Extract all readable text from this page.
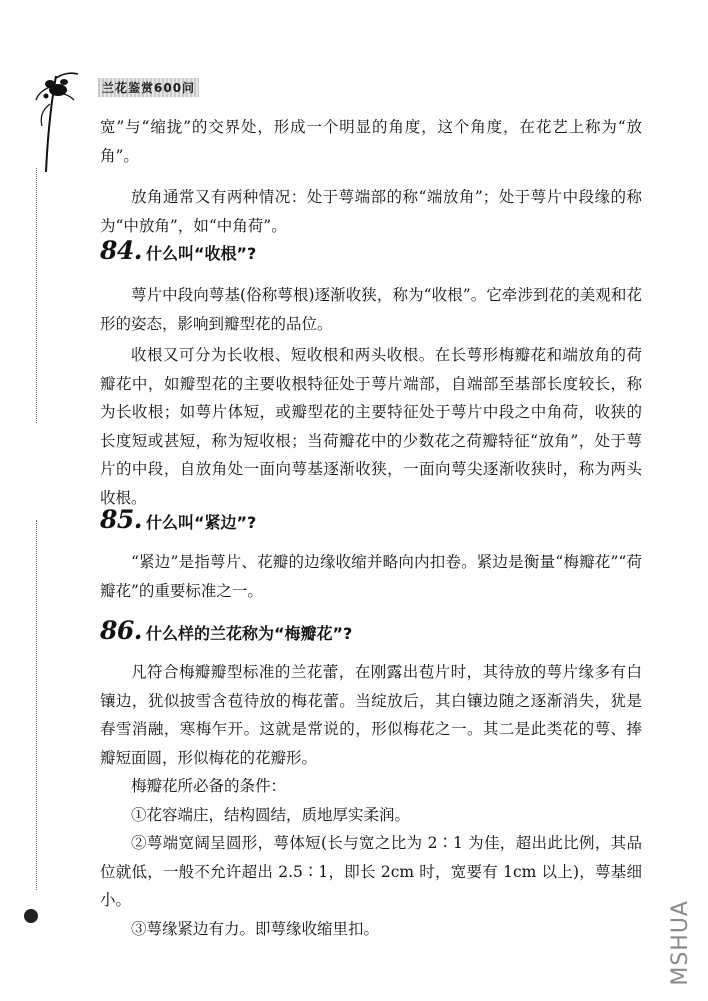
兰花鉴赏600问

宽”与“缩拢”的交界处，形成一个明显的角度，这个角度，在花艺上称为“放角”。

放角通常又有两种情况：处于萼端部的称“端放角”；处于萼片中段缘的称为“中放角”，如“中角荷”。

84. 什么叫“收根”?

萼片中段向萼基(俗称萼根)逐渐收狭，称为“收根”。它牵涉到花的美观和花形的姿态，影响到瓣型花的品位。

收根又可分为长收根、短收根和两头收根。在长萼形梅瓣花和端放角的荷瓣花中，如瓣型花的主要收根特征处于萼片端部，自端部至基部长度较长，称为长收根；如萼片体短，或瓣型花的主要特征处于萼片中段之中角荷，收狭的长度短或甚短，称为短收根；当荷瓣花中的少数花之荷瓣特征“放角”，处于萼片的中段，自放角处一面向萼基逐渐收狭，一面向萼尖逐渐收狭时，称为两头收根。

85. 什么叫“紧边”?

“紧边”是指萼片、花瓣的边缘收缩并略向内扣卷。紧边是衡量“梅瓣花”“荷瓣花”的重要标准之一。

86. 什么样的兰花称为“梅瓣花”?

凡符合梅瓣瓣型标准的兰花蕾，在刚露出苞片时，其待放的萼片缘多有白镶边，犹似披雪含苞待放的梅花蕾。当绽放后，其白镶边随之逐渐消失，犹是春雪消融，寒梅乍开。这就是常说的，形似梅花之一。其二是此类花的萼、捧瓣短面圆，形似梅花的花瓣形。

梅瓣花所必备的条件：

①花容端庄，结构圆结，质地厚实柔润。

②萼端宽阔呈圆形，萼体短(长与宽之比为 2∶1 为佳，超出此比例，其品位就低，一般不允许超出 2.5∶1，即长 2cm 时，宽要有 1cm 以上)，萼基细小。

③萼缘紧边有力。即萼缘收缩里扣。	MSHUA
